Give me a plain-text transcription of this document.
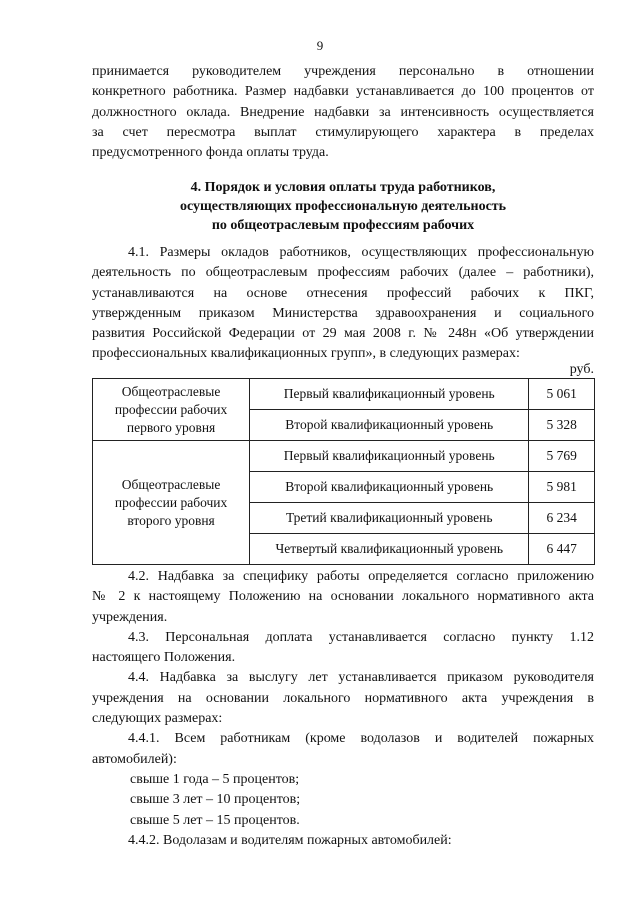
9
принимается руководителем учреждения персонально в отношении
конкретного работника. Размер надбавки устанавливается до 100 процентов от
должностного оклада. Внедрение надбавки за интенсивность осуществляется
за счет пересмотра выплат стимулирующего характера в пределах
предусмотренного фонда оплаты труда.
4. Порядок и условия оплаты труда работников,
осуществляющих профессиональную деятельность
по общеотраслевым профессиям рабочих
4.1. Размеры окладов работников, осуществляющих профессиональную
деятельность по общеотраслевым профессиям рабочих (далее – работники),
устанавливаются на основе отнесения профессий рабочих к ПКГ,
утвержденным приказом Министерства здравоохранения и социального
развития Российской Федерации от 29 мая 2008 г. № 248н «Об утверждении
профессиональных квалификационных групп», в следующих размерах:
руб.
Общеотраслевые профессии рабочих первого уровня	Первый квалификационный уровень	5 061
	Второй квалификационный уровень	5 328
Общеотраслевые профессии рабочих второго уровня	Первый квалификационный уровень	5 769
	Второй квалификационный уровень	5 981
	Третий квалификационный уровень	6 234
	Четвертый квалификационный уровень	6 447
4.2. Надбавка за специфику работы определяется согласно приложению
№ 2 к настоящему Положению на основании локального нормативного акта
учреждения.
4.3. Персональная доплата устанавливается согласно пункту 1.12
настоящего Положения.
4.4. Надбавка за выслугу лет устанавливается приказом руководителя
учреждения на основании локального нормативного акта учреждения в
следующих размерах:
4.4.1. Всем работникам (кроме водолазов и водителей пожарных
автомобилей):
свыше 1 года – 5 процентов;
свыше 3 лет – 10 процентов;
свыше 5 лет – 15 процентов.
4.4.2. Водолазам и водителям пожарных автомобилей:
